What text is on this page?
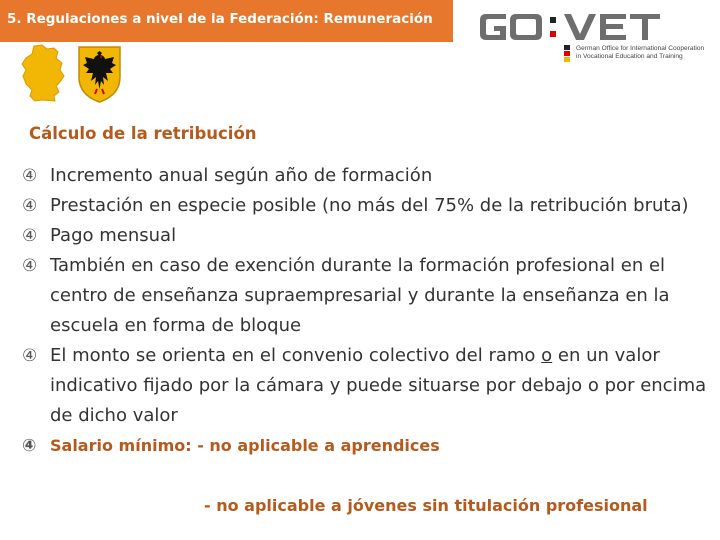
5. Regulaciones a nivel de la Federación: Remuneración
German Office for International Cooperation
in Vocational Education and Training
Cálculo de la retribución
④ Incremento anual según año de formación
④ Prestación en especie posible (no más del 75% de la retribución bruta)
④ Pago mensual
④ También en caso de exención durante la formación profesional en el centro de enseñanza supraempresarial y durante la enseñanza en la escuela en forma de bloque
④ El monto se orienta en el convenio colectivo del ramo o en un valor indicativo fijado por la cámara y puede situarse por debajo o por encima de dicho valor
④ Salario mínimo: - no aplicable a aprendices
- no aplicable a jóvenes sin titulación profesional
